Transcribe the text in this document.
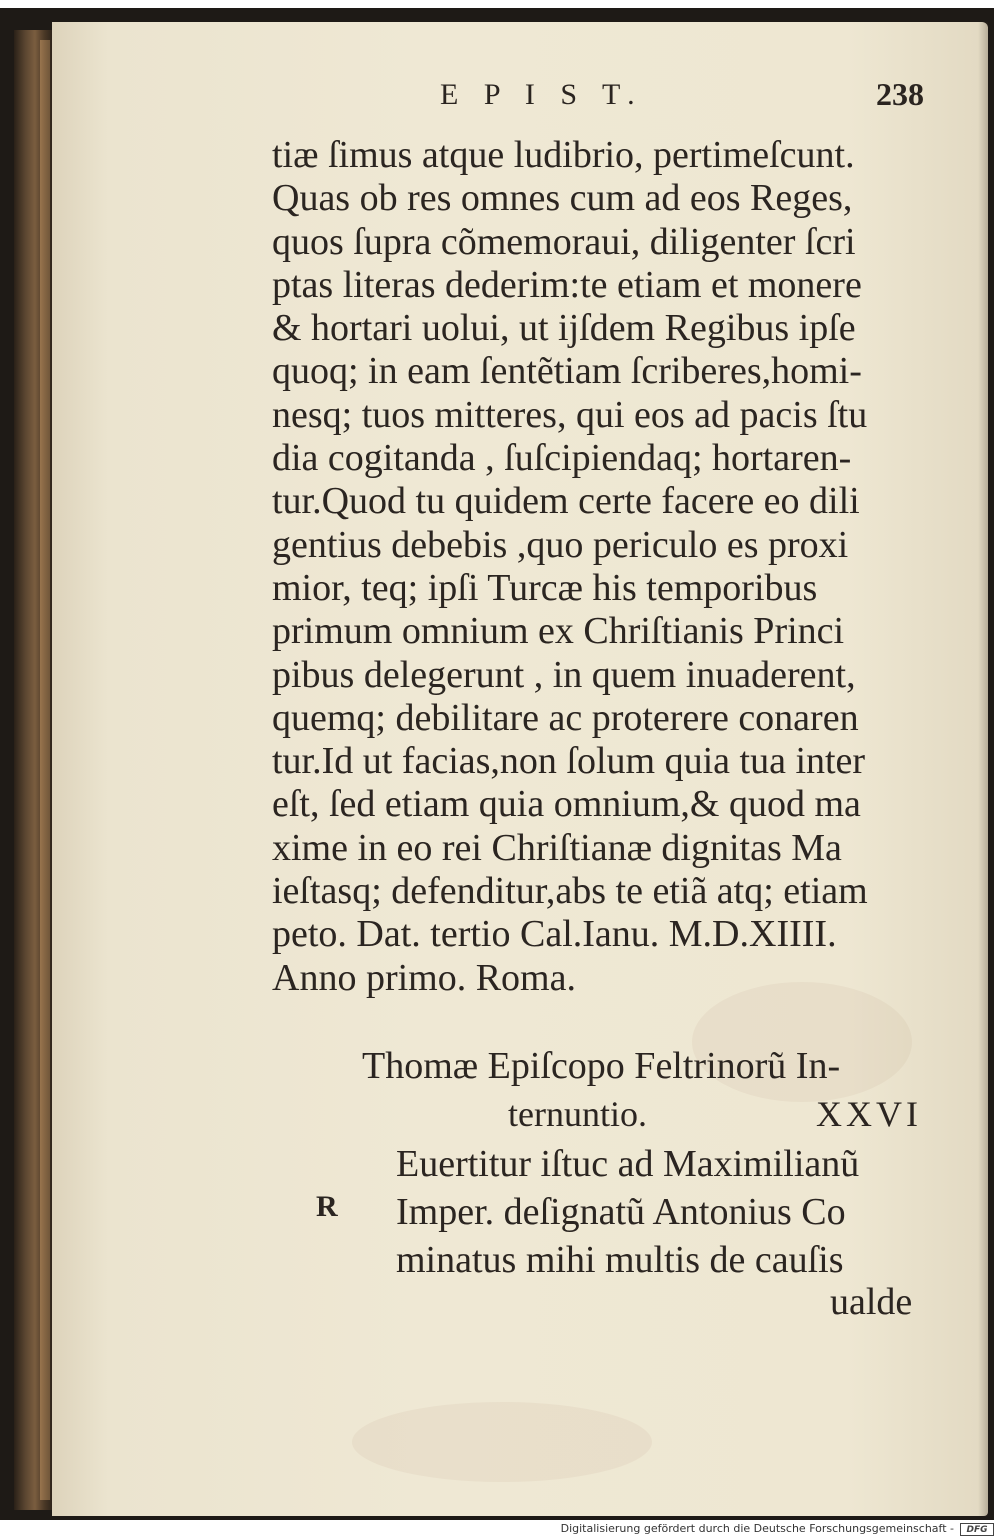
E P I S T.	238
tiæ ſimus atque ludibrio, pertimeſcunt.
Quas ob res omnes cum ad eos Reges,
quos ſupra cõmemoraui, diligenter ſcri
ptas literas dederim:te etiam et monere
& hortari uolui, ut ijſdem Regibus ipſe
quoq; in eam ſentẽtiam ſcriberes,homi-
nesq; tuos mitteres, qui eos ad pacis ſtu
dia cogitanda , ſuſcipiendaq; hortaren-
tur.Quod tu quidem certe facere eo dili
gentius debebis ,quo periculo es proxi
mior, teq; ipſi Turcæ his temporibus
primum omnium ex Chriſtianis Princi
pibus delegerunt , in quem inuaderent,
quemq; debilitare ac proterere conaren
tur.Id ut facias,non ſolum quia tua inter
eſt, ſed etiam quia omnium,& quod ma
xime in eo rei Chriſtianæ dignitas Ma
ieſtasq; defenditur,abs te etiã atq; etiam
peto. Dat. tertio Cal.Ianu. M.D.XIIII.
Anno primo. Roma.
Thomæ Epiſcopo Feltrinorũ In-
ternuntio.	XXVI
R
Euertitur iſtuc ad Maximilianũ
Imper. deſignatũ Antonius Co
minatus mihi multis de cauſis
ualde
Digitalisierung gefördert durch die Deutsche Forschungsgemeinschaft -	DFG
